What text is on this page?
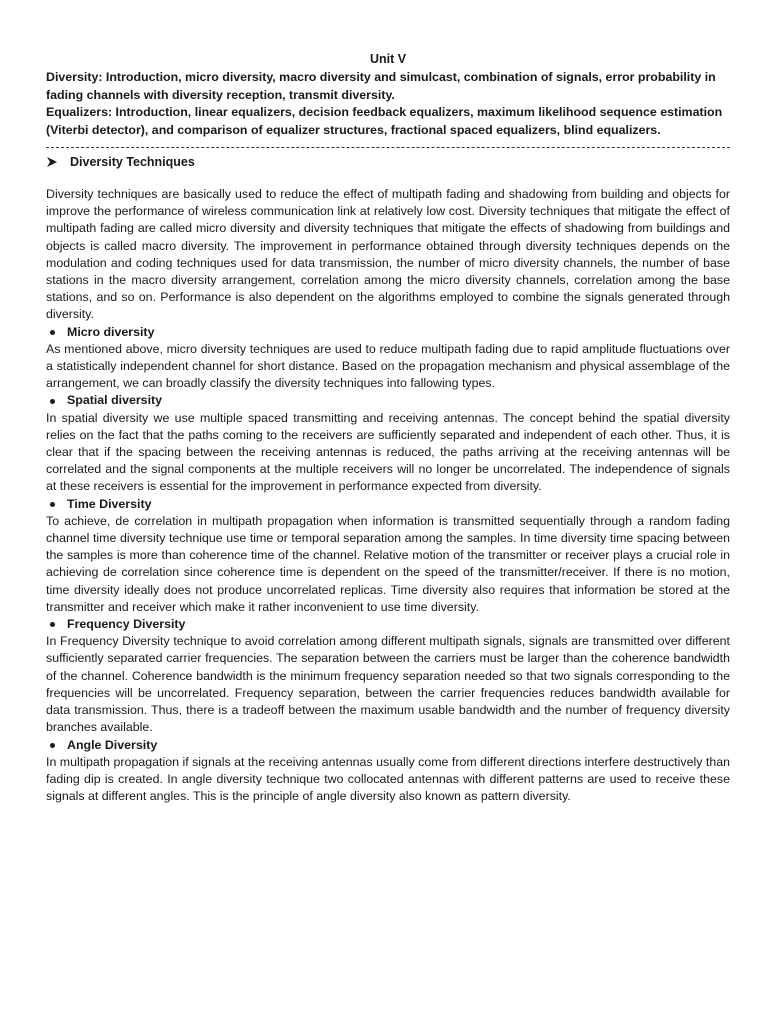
Unit V

Diversity: Introduction, micro diversity, macro diversity and simulcast, combination of signals, error probability in fading channels with diversity reception, transmit diversity.

Equalizers: Introduction, linear equalizers, decision feedback equalizers, maximum likelihood sequence estimation (Viterbi detector), and comparison of equalizer structures, fractional spaced equalizers, blind equalizers.

Diversity Techniques

Diversity techniques are basically used to reduce the effect of multipath fading and shadowing from building and objects for improve the performance of wireless communication link at relatively low cost. Diversity techniques that mitigate the effect of multipath fading are called micro diversity and diversity techniques that mitigate the effects of shadowing from buildings and objects is called macro diversity. The improvement in performance obtained through diversity techniques depends on the modulation and coding techniques used for data transmission, the number of micro diversity channels, the number of base stations in the macro diversity arrangement, correlation among the micro diversity channels, correlation among the base stations, and so on. Performance is also dependent on the algorithms employed to combine the signals generated through diversity.

Micro diversity

As mentioned above, micro diversity techniques are used to reduce multipath fading due to rapid amplitude fluctuations over a statistically independent channel for short distance. Based on the propagation mechanism and physical assemblage of the arrangement, we can broadly classify the diversity techniques into fallowing types.

Spatial diversity

In spatial diversity we use multiple spaced transmitting and receiving antennas. The concept behind the spatial diversity relies on the fact that the paths coming to the receivers are sufficiently separated and independent of each other. Thus, it is clear that if the spacing between the receiving antennas is reduced, the paths arriving at the receiving antennas will be correlated and the signal components at the multiple receivers will no longer be uncorrelated. The independence of signals at these receivers is essential for the improvement in performance expected from diversity.

Time Diversity

To achieve, de correlation in multipath propagation when information is transmitted sequentially through a random fading channel time diversity technique use time or temporal separation among the samples. In time diversity time spacing between the samples is more than coherence time of the channel. Relative motion of the transmitter or receiver plays a crucial role in achieving de correlation since coherence time is dependent on the speed of the transmitter/receiver. If there is no motion, time diversity ideally does not produce uncorrelated replicas. Time diversity also requires that information be stored at the transmitter and receiver which make it rather inconvenient to use time diversity.

Frequency Diversity

In Frequency Diversity technique to avoid correlation among different multipath signals, signals are transmitted over different sufficiently separated carrier frequencies. The separation between the carriers must be larger than the coherence bandwidth of the channel. Coherence bandwidth is the minimum frequency separation needed so that two signals corresponding to the frequencies will be uncorrelated. Frequency separation, between the carrier frequencies reduces bandwidth available for data transmission. Thus, there is a tradeoff between the maximum usable bandwidth and the number of frequency diversity branches available.

Angle Diversity

In multipath propagation if signals at the receiving antennas usually come from different directions interfere destructively than fading dip is created. In angle diversity technique two collocated antennas with different patterns are used to receive these signals at different angles. This is the principle of angle diversity also known as pattern diversity.
